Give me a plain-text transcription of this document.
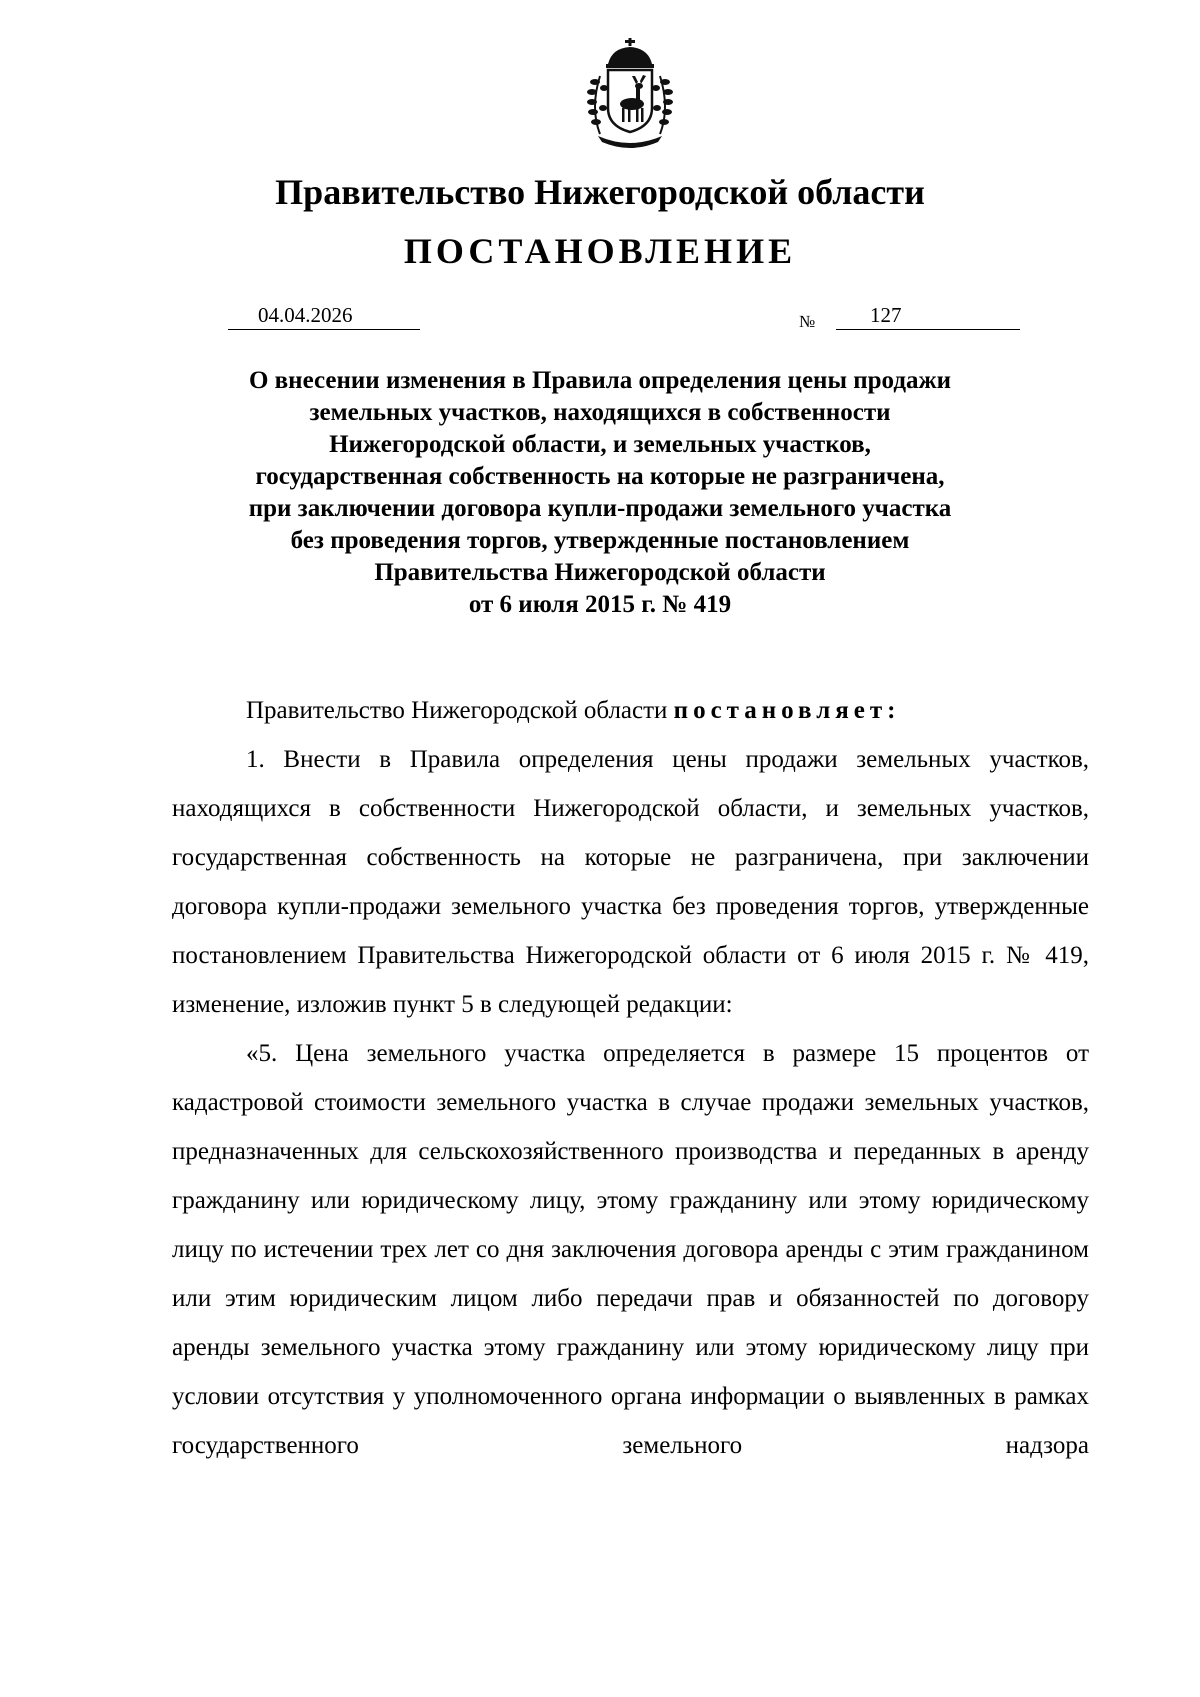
Правительство Нижегородской области
ПОСТАНОВЛЕНИЕ
04.04.2026	№	127
О внесении изменения в Правила определения цены продажи
земельных участков, находящихся в собственности
Нижегородской области, и земельных участков,
государственная собственность на которые не разграничена,
при заключении договора купли-продажи земельного участка
без проведения торгов, утвержденные постановлением
Правительства Нижегородской области
от 6 июля 2015 г. № 419

Правительство Нижегородской области постановляет:

1. Внести в Правила определения цены продажи земельных участков, находящихся в собственности Нижегородской области, и земельных участков, государственная собственность на которые не разграничена, при заключении договора купли-продажи земельного участка без проведения торгов, утвержденные постановлением Правительства Нижегородской области от 6 июля 2015 г. № 419, изменение, изложив пункт 5 в следующей редакции:

«5. Цена земельного участка определяется в размере 15 процентов от кадастровой стоимости земельного участка в случае продажи земельных участков, предназначенных для сельскохозяйственного производства и переданных в аренду гражданину или юридическому лицу, этому гражданину или этому юридическому лицу по истечении трех лет со дня заключения договора аренды с этим гражданином или этим юридическим лицом либо передачи прав и обязанностей по договору аренды земельного участка этому гражданину или этому юридическому лицу при условии отсутствия у уполномоченного органа информации о выявленных в рамках государственного земельного надзора
